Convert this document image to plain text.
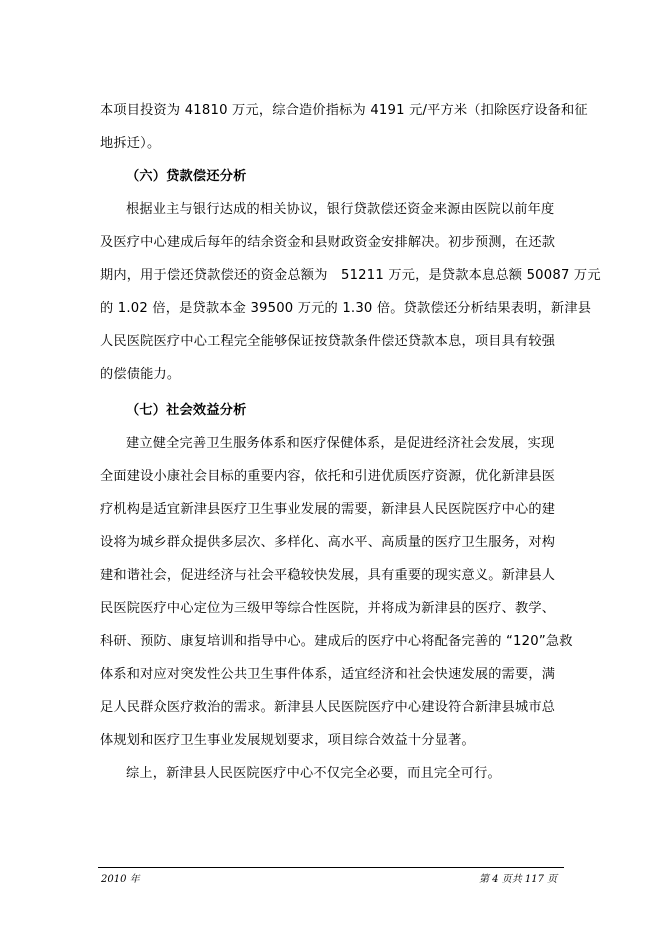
本项目投资为 41810 万元，综合造价指标为 4191 元/平方米（扣除医疗设备和征
地拆迁）。
（六）贷款偿还分析
根据业主与银行达成的相关协议，银行贷款偿还资金来源由医院以前年度
及医疗中心建成后每年的结余资金和县财政资金安排解决。初步预测，在还款
期内，用于偿还贷款偿还的资金总额为　51211 万元，是贷款本息总额 50087 万元
的 1.02 倍，是贷款本金 39500 万元的 1.30 倍。贷款偿还分析结果表明，新津县
人民医院医疗中心工程完全能够保证按贷款条件偿还贷款本息，项目具有较强
的偿债能力。
（七）社会效益分析
建立健全完善卫生服务体系和医疗保健体系，是促进经济社会发展，实现
全面建设小康社会目标的重要内容，依托和引进优质医疗资源，优化新津县医
疗机构是适宜新津县医疗卫生事业发展的需要，新津县人民医院医疗中心的建
设将为城乡群众提供多层次、多样化、高水平、高质量的医疗卫生服务，对构
建和谐社会，促进经济与社会平稳较快发展，具有重要的现实意义。新津县人
民医院医疗中心定位为三级甲等综合性医院，并将成为新津县的医疗、教学、
科研、预防、康复培训和指导中心。建成后的医疗中心将配备完善的 “120”急救
体系和对应对突发性公共卫生事件体系，适宜经济和社会快速发展的需要，满
足人民群众医疗救治的需求。新津县人民医院医疗中心建设符合新津县城市总
体规划和医疗卫生事业发展规划要求，项目综合效益十分显著。
综上，新津县人民医院医疗中心不仅完全必要，而且完全可行。
2010 年	第 4 页共 117 页
